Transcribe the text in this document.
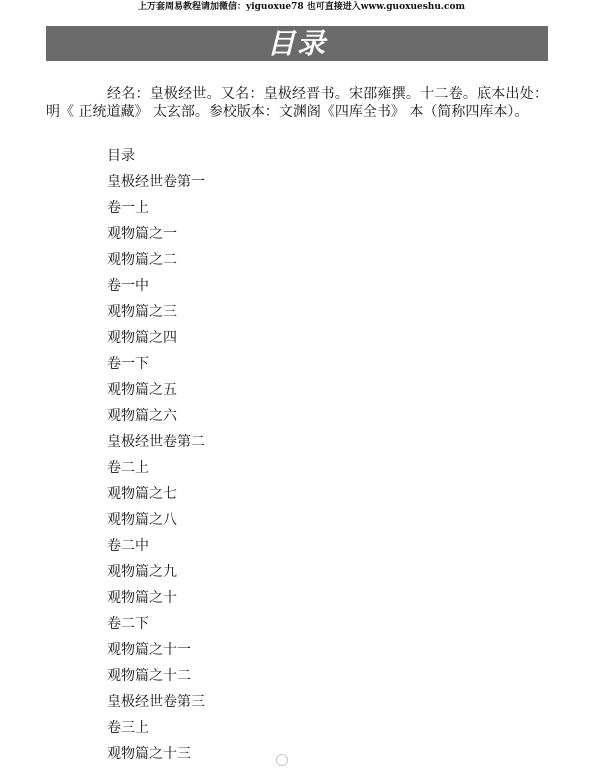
上万套周易教程请加微信：yiguoxue78 也可直接进入www.guoxueshu.com
目录

经名：皇极经世。又名：皇极经晋书。宋邵雍撰。十二卷。底本出处：明《 正统道藏》 太玄部。参校版本：文渊阁《四库全书》 本（简称四库本）。

目录
皇极经世卷第一
卷一上
观物篇之一
观物篇之二
卷一中
观物篇之三
观物篇之四
卷一下
观物篇之五
观物篇之六
皇极经世卷第二
卷二上
观物篇之七
观物篇之八
卷二中
观物篇之九
观物篇之十
卷二下
观物篇之十一
观物篇之十二
皇极经世卷第三
卷三上
观物篇之十三
